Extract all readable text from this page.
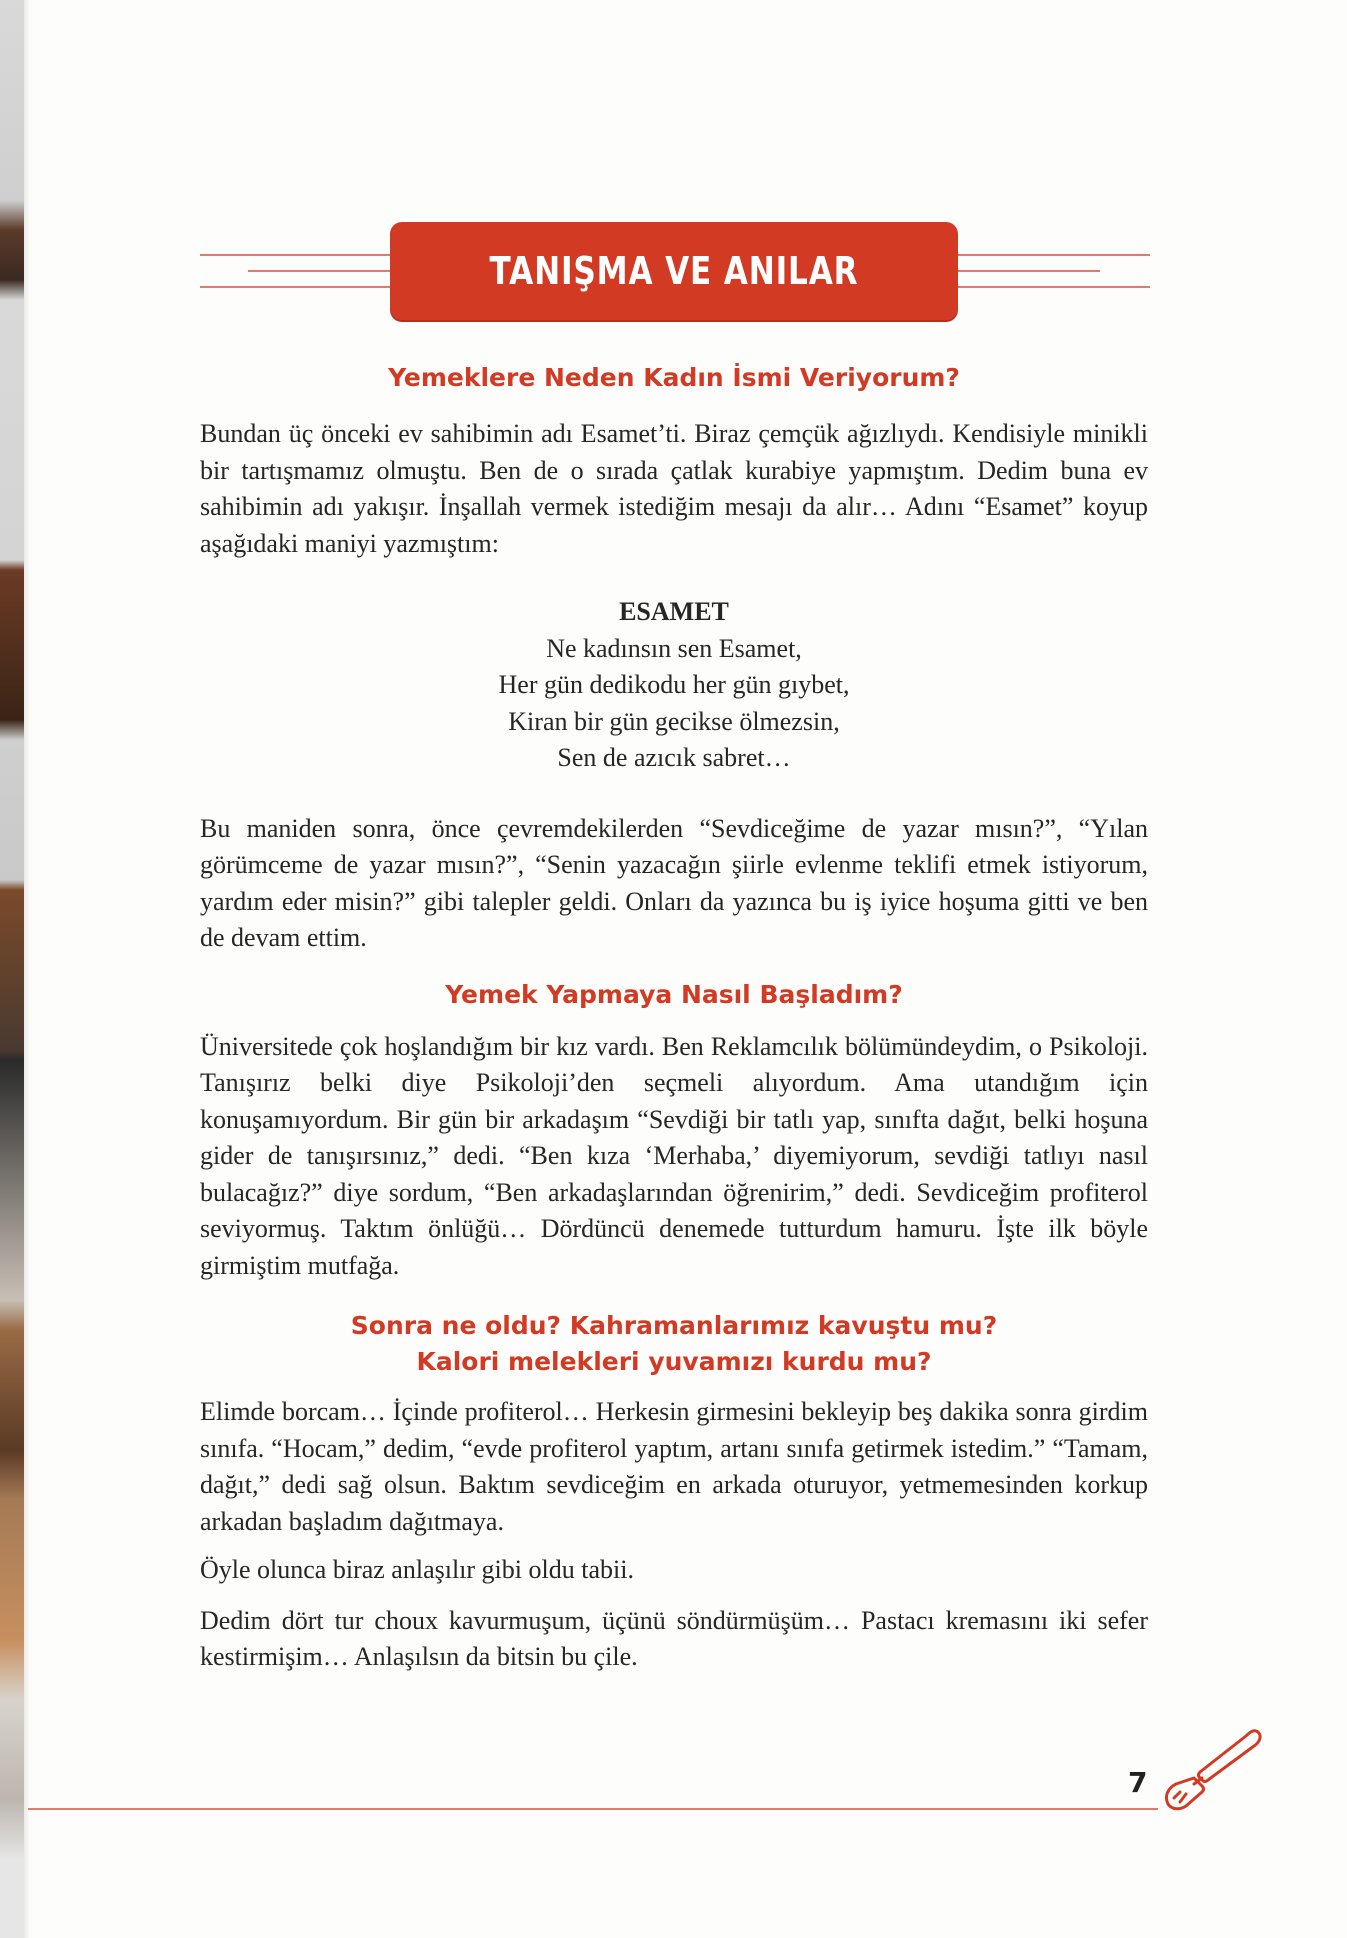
TANIŞMA VE ANILAR
Yemeklere Neden Kadın İsmi Veriyorum?

Bundan üç önceki ev sahibimin adı Esamet’ti. Biraz çemçük ağızlıydı. Kendisiyle minikli bir tartışmamız olmuştu. Ben de o sırada çatlak kurabiye yapmıştım. Dedim buna ev sahibimin adı yakışır. İnşallah vermek istediğim mesajı da alır… Adını “Esamet” koyup aşağıdaki maniyi yazmıştım:

ESAMET
Ne kadınsın sen Esamet,
Her gün dedikodu her gün gıybet,
Kiran bir gün gecikse ölmezsin,
Sen de azıcık sabret…

Bu maniden sonra, önce çevremdekilerden “Sevdiceğime de yazar mısın?”, “Yılan görümceme de yazar mısın?”, “Senin yazacağın şiirle evlenme teklifi etmek istiyorum, yardım eder misin?” gibi talepler geldi. Onları da yazınca bu iş iyice hoşuma gitti ve ben de devam ettim.

Yemek Yapmaya Nasıl Başladım?

Üniversitede çok hoşlandığım bir kız vardı. Ben Reklamcılık bölümündeydim, o Psikoloji. Tanışırız belki diye Psikoloji’den seçmeli alıyordum. Ama utandığım için konuşamıyordum. Bir gün bir arkadaşım “Sevdiği bir tatlı yap, sınıfta dağıt, belki hoşuna gider de tanışırsınız,” dedi. “Ben kıza ‘Merhaba,’ diyemiyorum, sevdiği tatlıyı nasıl bulacağız?” diye sordum, “Ben arkadaşlarından öğrenirim,” dedi. Sevdiceğim profiterol seviyormuş. Taktım önlüğü… Dördüncü denemede tutturdum hamuru. İşte ilk böyle girmiştim mutfağa.

Sonra ne oldu? Kahramanlarımız kavuştu mu?
Kalori melekleri yuvamızı kurdu mu?

Elimde borcam… İçinde profiterol… Herkesin girmesini bekleyip beş dakika sonra girdim sınıfa. “Hocam,” dedim, “evde profiterol yaptım, artanı sınıfa getirmek istedim.” “Tamam, dağıt,” dedi sağ olsun. Baktım sevdiceğim en arkada oturuyor, yetmemesinden korkup arkadan başladım dağıtmaya.

Öyle olunca biraz anlaşılır gibi oldu tabii.

Dedim dört tur choux kavurmuşum, üçünü söndürmüşüm… Pastacı kremasını iki sefer kestirmişim… Anlaşılsın da bitsin bu çile.

7
